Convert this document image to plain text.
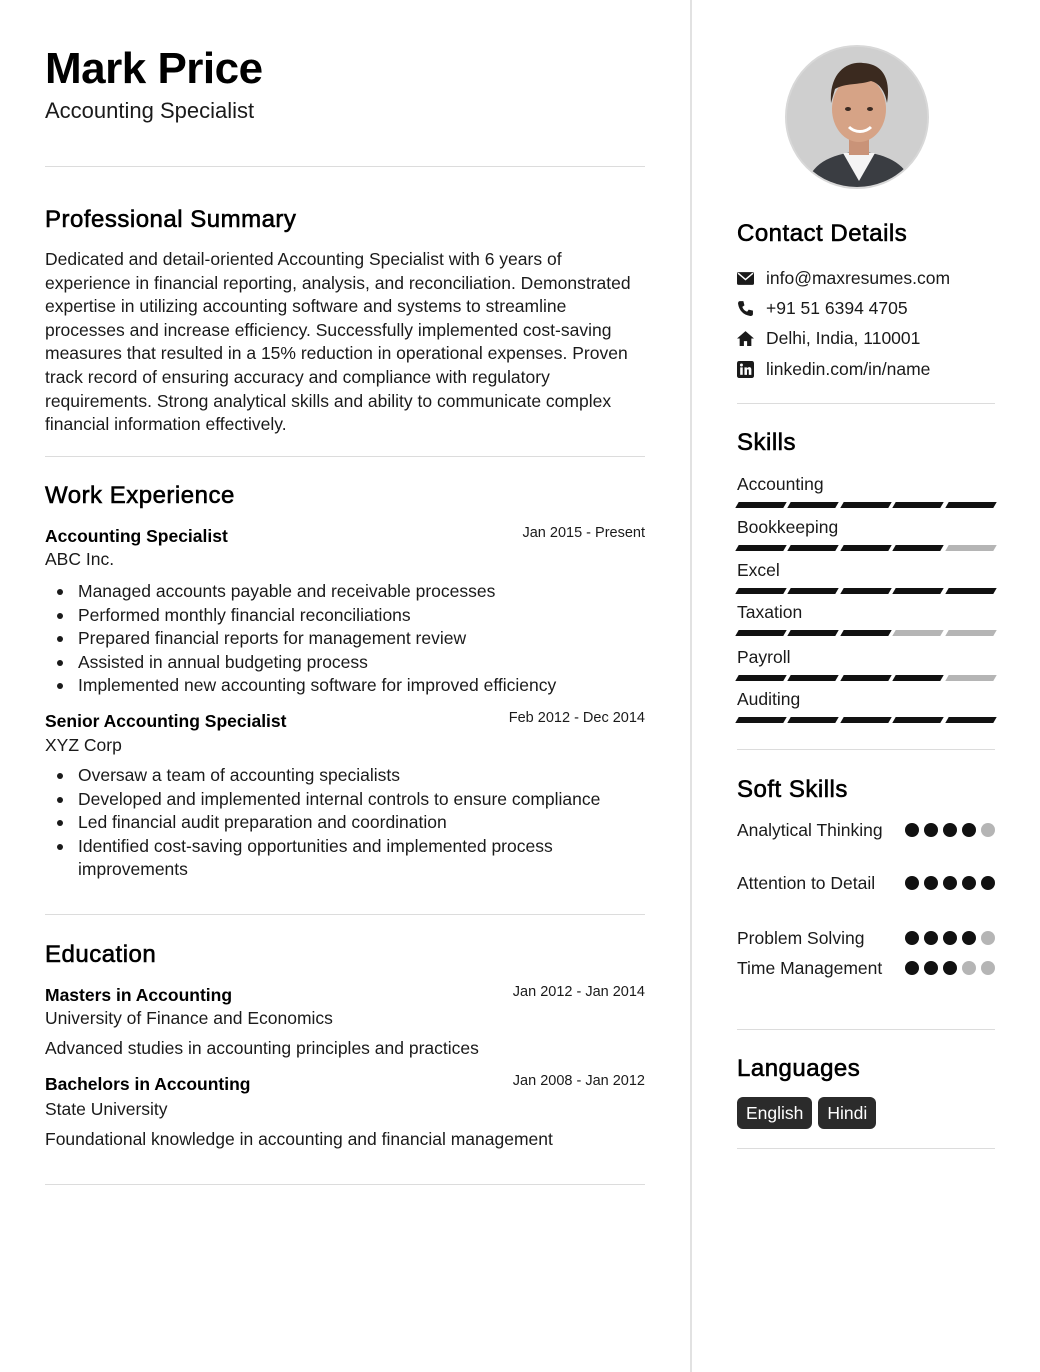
Mark Price
Accounting Specialist
Professional Summary
Dedicated and detail-oriented Accounting Specialist with 6 years of experience in financial reporting, analysis, and reconciliation. Demonstrated expertise in utilizing accounting software and systems to streamline processes and increase efficiency. Successfully implemented cost-saving measures that resulted in a 15% reduction in operational expenses. Proven track record of ensuring accuracy and compliance with regulatory requirements. Strong analytical skills and ability to communicate complex financial information effectively.
Work Experience
Accounting Specialist	Jan 2015 - Present
ABC Inc.
Managed accounts payable and receivable processes
Performed monthly financial reconciliations
Prepared financial reports for management review
Assisted in annual budgeting process
Implemented new accounting software for improved efficiency
Senior Accounting Specialist	Feb 2012 - Dec 2014
XYZ Corp
Oversaw a team of accounting specialists
Developed and implemented internal controls to ensure compliance
Led financial audit preparation and coordination
Identified cost-saving opportunities and implemented process improvements
Education
Masters in Accounting	Jan 2012 - Jan 2014
University of Finance and Economics
Advanced studies in accounting principles and practices
Bachelors in Accounting	Jan 2008 - Jan 2012
State University
Foundational knowledge in accounting and financial management
Contact Details
info@maxresumes.com
+91 51 6394 4705
Delhi, India, 110001
linkedin.com/in/name
Skills
Accounting
Bookkeeping
Excel
Taxation
Payroll
Auditing
Soft Skills
Analytical Thinking
Attention to Detail
Problem Solving
Time Management
Languages
English	Hindi
